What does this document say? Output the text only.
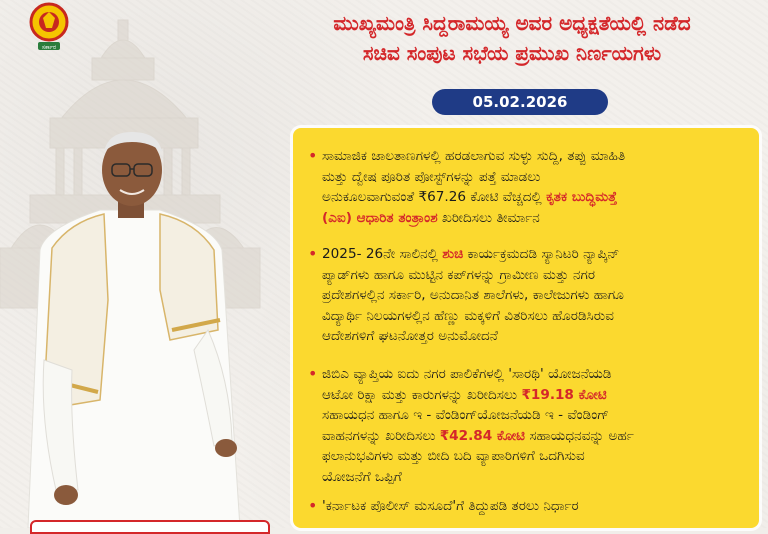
ಸರ್ಕಾರ
ಮುಖ್ಯಮಂತ್ರಿ ಸಿದ್ದರಾಮಯ್ಯ ಅವರ ಅಧ್ಯಕ್ಷತೆಯಲ್ಲಿ ನಡೆದ
ಸಚಿವ ಸಂಪುಟ ಸಭೆಯ ಪ್ರಮುಖ ನಿರ್ಣಯಗಳು
05.02.2026
• ಸಾಮಾಜಿಕ ಜಾಲತಾಣಗಳಲ್ಲಿ ಹರಡಲಾಗುವ ಸುಳ್ಳು ಸುದ್ದಿ, ತಪ್ಪು ಮಾಹಿತಿ
ಮತ್ತು ದ್ವೇಷ ಪೂರಿತ ಪೋಸ್ಟ್‌ಗಳನ್ನು ಪತ್ತೆ ಮಾಡಲು
ಅನುಕೂಲವಾಗುವಂತೆ ₹67.26 ಕೋಟಿ ವೆಚ್ಚದಲ್ಲಿ ಕೃತಕ ಬುದ್ಧಿಮತ್ತೆ
(ಎಐ) ಆಧಾರಿತ ತಂತ್ರಾಂಶ ಖರೀದಿಸಲು ತೀರ್ಮಾನ
• 2025- 26ನೇ ಸಾಲಿನಲ್ಲಿ ಶುಚಿ ಕಾರ್ಯಕ್ರಮದಡಿ ಸ್ಯಾನಿಟರಿ ನ್ಯಾಪ್ಕಿನ್
ಪ್ಯಾಡ್‌ಗಳು ಹಾಗೂ ಮುಟ್ಟಿನ ಕಪ್‌ಗಳನ್ನು ಗ್ರಾಮೀಣ ಮತ್ತು ನಗರ
ಪ್ರದೇಶಗಳಲ್ಲಿನ ಸರ್ಕಾರಿ, ಅನುದಾನಿತ ಶಾಲೆಗಳು, ಕಾಲೇಜುಗಳು ಹಾಗೂ
ವಿದ್ಯಾರ್ಥಿ ನಿಲಯಗಳಲ್ಲಿನ ಹೆಣ್ಣು ಮಕ್ಕಳಿಗೆ ವಿತರಿಸಲು ಹೊರಡಿಸಿರುವ
ಆದೇಶಗಳಿಗೆ ಘಟನೋತ್ತರ ಅನುಮೋದನೆ
• ಜಿಬಿಎ ವ್ಯಾಪ್ತಿಯ ಐದು ನಗರ ಪಾಲಿಕೆಗಳಲ್ಲಿ 'ಸಾರಥಿ' ಯೋಜನೆಯಡಿ
ಆಟೋ ರಿಕ್ಷಾ ಮತ್ತು ಕಾರುಗಳನ್ನು ಖರೀದಿಸಲು ₹19.18 ಕೋಟಿ
ಸಹಾಯಧನ ಹಾಗೂ ಇ - ವೆಂಡಿಂಗ್‌ಯೋಜನೆಯಡಿ ಇ - ವೆಂಡಿಂಗ್
ವಾಹನಗಳನ್ನು ಖರೀದಿಸಲು ₹42.84 ಕೋಟಿ ಸಹಾಯಧನವನ್ನು ಅರ್ಹ
ಫಲಾನುಭವಿಗಳು ಮತ್ತು ಬೀದಿ ಬದಿ ವ್ಯಾಪಾರಿಗಳಿಗೆ ಒದಗಿಸುವ
ಯೋಜನೆಗೆ ಒಪ್ಪಿಗೆ
• 'ಕರ್ನಾಟಕ ಪೊಲೀಸ್ ಮಸೂದೆ'ಗೆ ತಿದ್ದುಪಡಿ ತರಲು ನಿರ್ಧಾರ
